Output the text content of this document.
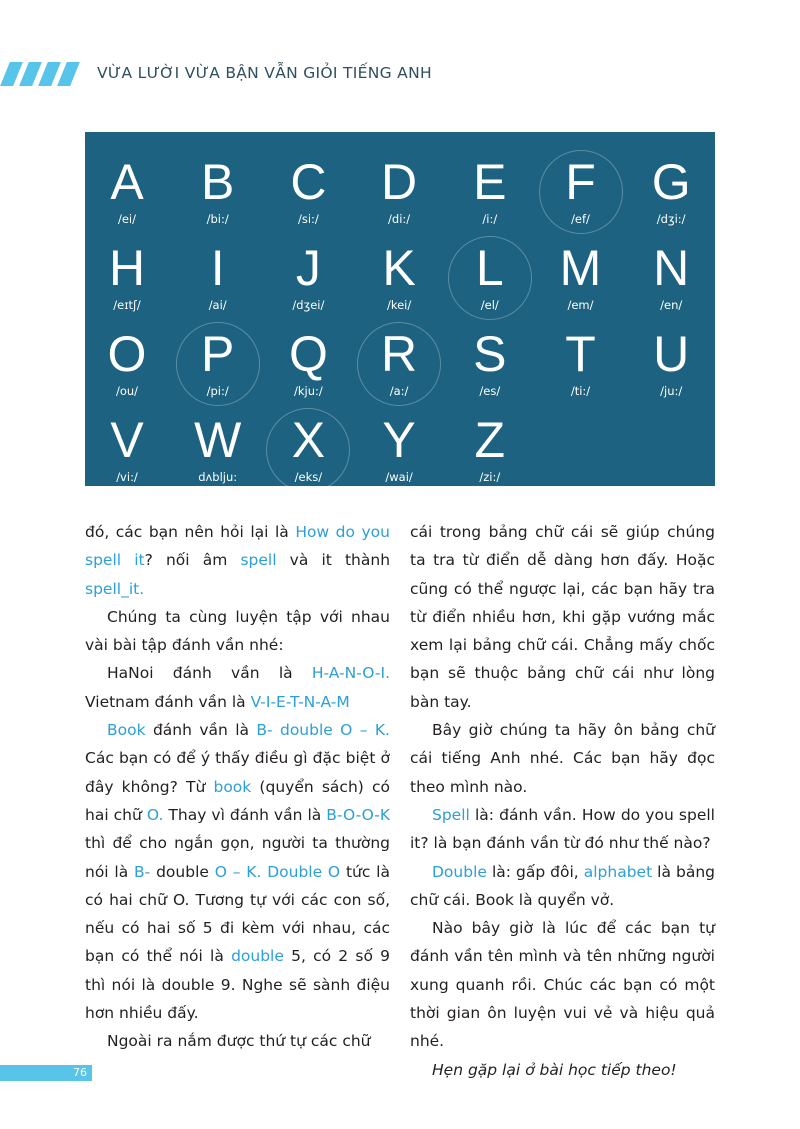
VỪA LƯỜI VỪA BẬN VẪN GIỎI TIẾNG ANH
A
/ei/
B
/bi:/
C
/si:/
D
/di:/
E
/i:/
F
/ef/
G
/dʒi:/
H
/eɪtʃ/
I
/ai/
J
/dʒei/
K
/kei/
L
/el/
M
/em/
N
/en/
O
/ou/
P
/pi:/
Q
/kju:/
R
/a:/
S
/es/
T
/ti:/
U
/ju:/
V
/vi:/
W
dʌblju:
X
/eks/
Y
/wai/
Z
/zi:/

đó, các bạn nên hỏi lại là How do you spell it? nối âm spell và it thành spell_it.

Chúng ta cùng luyện tập với nhau vài bài tập đánh vần nhé:

HaNoi đánh vần là H-A-N-O-I. Vietnam đánh vần là V-I-E-T-N-A-M

Book đánh vần là B- double O – K. Các bạn có để ý thấy điều gì đặc biệt ở đây không? Từ book (quyển sách) có hai chữ O. Thay vì đánh vần là B-O-O-K thì để cho ngắn gọn, người ta thường nói là B- double O – K. Double O tức là có hai chữ O. Tương tự với các con số, nếu có hai số 5 đi kèm với nhau, các bạn có thể nói là double 5, có 2 số 9 thì nói là double 9. Nghe sẽ sành điệu hơn nhiều đấy.

Ngoài ra nắm được thứ tự các chữ

cái trong bảng chữ cái sẽ giúp chúng ta tra từ điển dễ dàng hơn đấy. Hoặc cũng có thể ngược lại, các bạn hãy tra từ điển nhiều hơn, khi gặp vướng mắc xem lại bảng chữ cái. Chẳng mấy chốc bạn sẽ thuộc bảng chữ cái như lòng bàn tay.

Bây giờ chúng ta hãy ôn bảng chữ cái tiếng Anh nhé. Các bạn hãy đọc theo mình nào.

Spell là: đánh vần. How do you spell it? là bạn đánh vần từ đó như thế nào?

Double là: gấp đôi, alphabet là bảng chữ cái. Book là quyển vở.

Nào bây giờ là lúc để các bạn tự đánh vần tên mình và tên những người xung quanh rồi. Chúc các bạn có một thời gian ôn luyện vui vẻ và hiệu quả nhé.

Hẹn gặp lại ở bài học tiếp theo!

76
